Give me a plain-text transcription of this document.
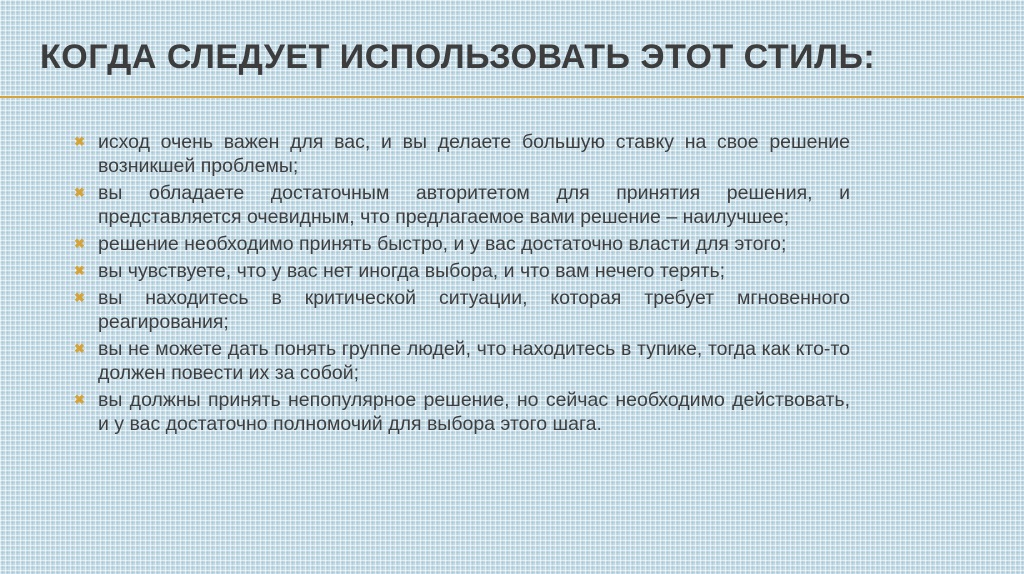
КОГДА СЛЕДУЕТ ИСПОЛЬЗОВАТЬ ЭТОТ СТИЛЬ:
✖ исход очень важен для вас, и вы делаете большую ставку на свое решение возникшей проблемы;
✖ вы обладаете достаточным авторитетом для принятия решения, и представляется очевидным, что предлагаемое вами решение – наилучшее;
✖ решение необходимо принять быстро, и у вас достаточно власти для этого;
✖ вы чувствуете, что у вас нет иногда выбора, и что вам нечего терять;
✖ вы находитесь в критической ситуации, которая требует мгновенного реагирования;
✖ вы не можете дать понять группе людей, что находитесь в тупике, тогда как кто-то должен повести их за собой;
✖ вы должны принять непопулярное решение, но сейчас необходимо действовать, и у вас достаточно полномочий для выбора этого шага.
